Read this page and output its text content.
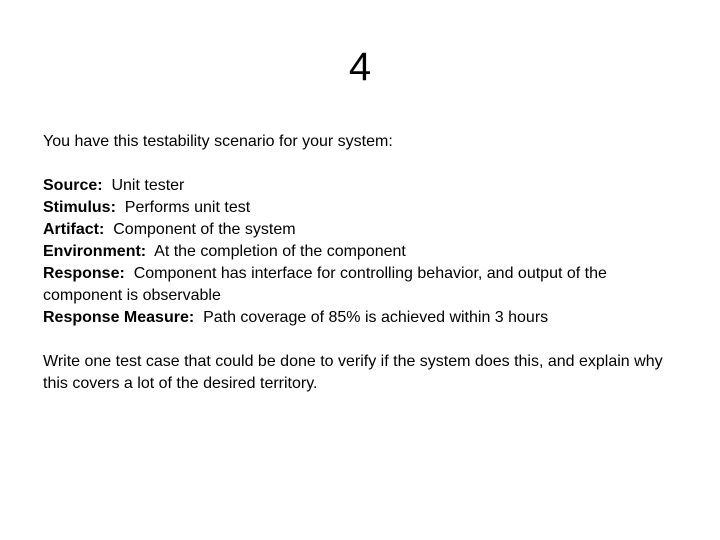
4

You have this testability scenario for your system:

Source: Unit tester

Stimulus: Performs unit test

Artifact: Component of the system

Environment: At the completion of the component

Response: Component has interface for controlling behavior, and output of the component is observable

Response Measure: Path coverage of 85% is achieved within 3 hours

Write one test case that could be done to verify if the system does this, and explain why this covers a lot of the desired territory.
